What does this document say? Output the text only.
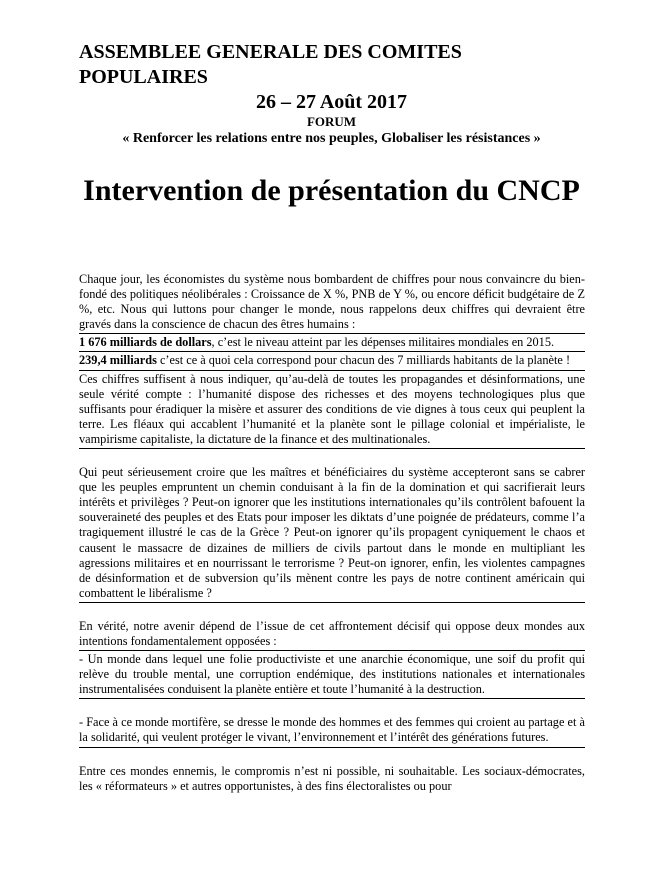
ASSEMBLEE GENERALE DES COMITES POPULAIRES

26 – 27 Août 2017

FORUM

« Renforcer les relations entre nos peuples, Globaliser les résistances »

Intervention de présentation du CNCP

Chaque jour, les économistes du système nous bombardent de chiffres pour nous convaincre du bien-fondé des politiques néolibérales : Croissance de X %, PNB de Y %, ou encore déficit budgétaire de Z %, etc. Nous qui luttons pour changer le monde, nous rappelons deux chiffres qui devraient être gravés dans la conscience de chacun des êtres humains :

1 676 milliards de dollars, c’est le niveau atteint par les dépenses militaires mondiales en 2015.

239,4 milliards c’est ce à quoi cela correspond pour chacun des 7 milliards habitants de la planète !

Ces chiffres suffisent à nous indiquer, qu’au-delà de toutes les propagandes et désinformations, une seule vérité compte : l’humanité dispose des richesses et des moyens technologiques plus que suffisants pour éradiquer la misère et assurer des conditions de vie dignes à tous ceux qui peuplent la terre. Les fléaux qui accablent l’humanité et la planète sont le pillage colonial et impérialiste, le vampirisme capitaliste, la dictature de la finance et des multinationales.

Qui peut sérieusement croire que les maîtres et bénéficiaires du système accepteront sans se cabrer que les peuples empruntent un chemin conduisant à la fin de la domination et qui sacrifierait leurs intérêts et privilèges ? Peut-on ignorer que les institutions internationales qu’ils contrôlent bafouent la souveraineté des peuples et des Etats pour imposer les diktats d’une poignée de prédateurs, comme l’a tragiquement illustré le cas de la Grèce ? Peut-on ignorer qu’ils propagent cyniquement le chaos et causent le massacre de dizaines de milliers de civils partout dans le monde en multipliant les agressions militaires et en nourrissant le terrorisme ? Peut-on ignorer, enfin, les violentes campagnes de désinformation et de subversion qu’ils mènent contre les pays de notre continent américain qui combattent le libéralisme ?

En vérité, notre avenir dépend de l’issue de cet affrontement décisif qui oppose deux mondes aux intentions fondamentalement opposées :

- Un monde dans lequel une folie productiviste et une anarchie économique, une soif du profit qui relève du trouble mental, une corruption endémique, des institutions nationales et internationales instrumentalisées conduisent la planète entière et toute l’humanité à la destruction.

- Face à ce monde mortifère, se dresse le monde des hommes et des femmes qui croient au partage et à la solidarité, qui veulent protéger le vivant, l’environnement et l’intérêt des générations futures.

Entre ces mondes ennemis, le compromis n’est ni possible, ni souhaitable. Les sociaux-démocrates, les « réformateurs » et autres opportunistes, à des fins électoralistes ou pour
